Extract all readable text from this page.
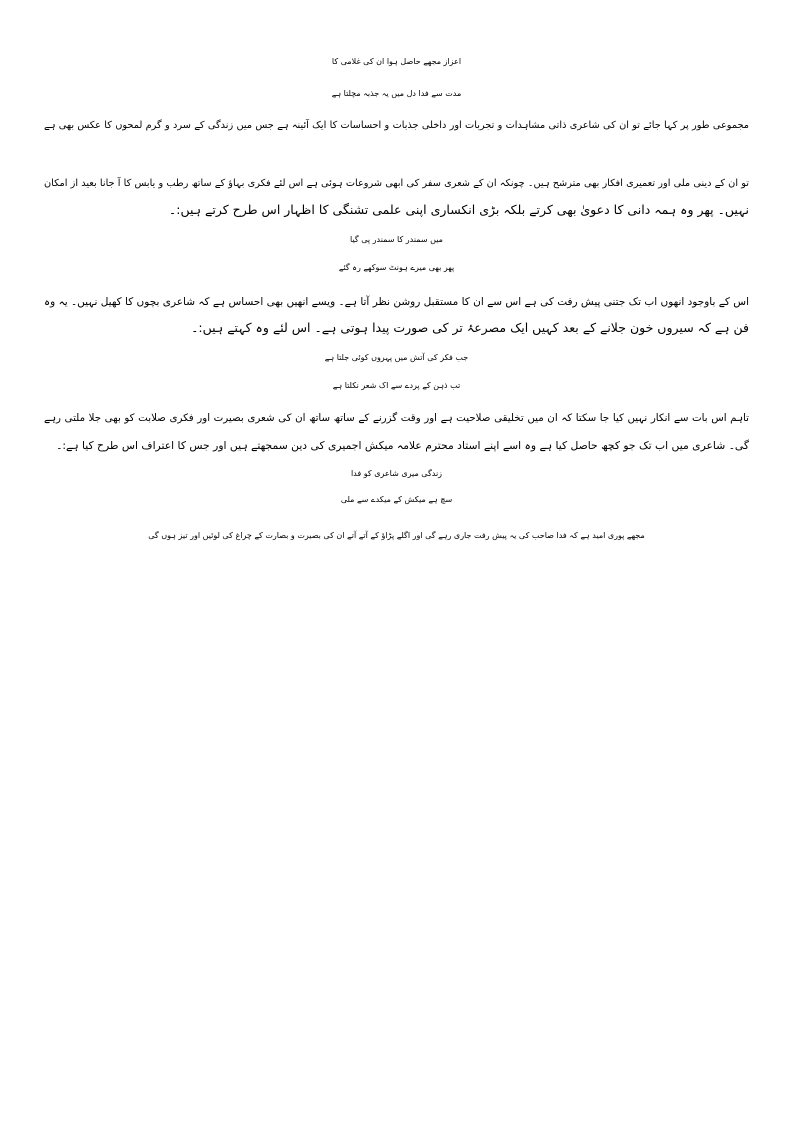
اعزاز مجھے حاصل ہوا ان کی غلامی کا
مدت سے فدا دل میں یہ جذبہ مچلتا ہے
مجموعی طور پر کہا جائے تو ان کی شاعری ذاتی مشاہدات و تجربات اور داخلی جذبات و احساسات کا ایک آئینہ ہے جس میں زندگی کے سرد و گرم لمحوں کا عکس بھی ہے
تو ان کے دینی ملی اور تعمیری افکار بھی مترشح ہیں۔ چونکہ ان کے شعری سفر کی ابھی شروعات ہوئی ہے اس لئے فکری بہاؤ کے ساتھ رطب و یابس کا آ جانا بعید از امکان
نہیں۔ پھر وہ ہمہ دانی کا دعویٰ بھی کرتے بلکہ بڑی انکساری اپنی علمی تشنگی کا اظہار اس طرح کرتے ہیں:۔
میں سمندر کا سمندر پی گیا
پھر بھی میرے ہونٹ سوکھے رہ گئے
اس کے باوجود انھوں اب تک جتنی پیش رفت کی ہے اس سے ان کا مستقبل روشن نظر آتا ہے۔ ویسے انھیں بھی احساس ہے کہ شاعری بچوں کا کھیل نہیں۔ یہ وہ
فن ہے کہ سیروں خون جلانے کے بعد کہیں ایک مصرعۂ تر کی صورت پیدا ہوتی ہے۔ اس لئے وہ کہتے ہیں:۔
جب فکر کی آتش میں پہروں کوئی جلتا ہے
تب ذہن کے پردے سے اک شعر نکلتا ہے
تاہم اس بات سے انکار نہیں کیا جا سکتا کہ ان میں تخلیقی صلاحیت ہے اور وقت گزرنے کے ساتھ ساتھ ان کی شعری بصیرت اور فکری صلابت کو بھی جلا ملتی رہے
گی۔ شاعری میں اب تک جو کچھ حاصل کیا ہے وہ اسے اپنے استاد محترم علامہ میکش اجمیری کی دین سمجھتے ہیں اور جس کا اعتراف اس طرح کیا ہے:۔
زندگی میری شاعری کو فدا
سچ ہے میکش کے میکدے سے ملی
مجھے پوری امید ہے کہ فدا صاحب کی یہ پیش رفت جاری رہے گی اور اگلے پڑاؤ کے آتے آتے ان کی بصیرت و بصارت کے چراغ کی لوئیں اور تیز ہوں گی
